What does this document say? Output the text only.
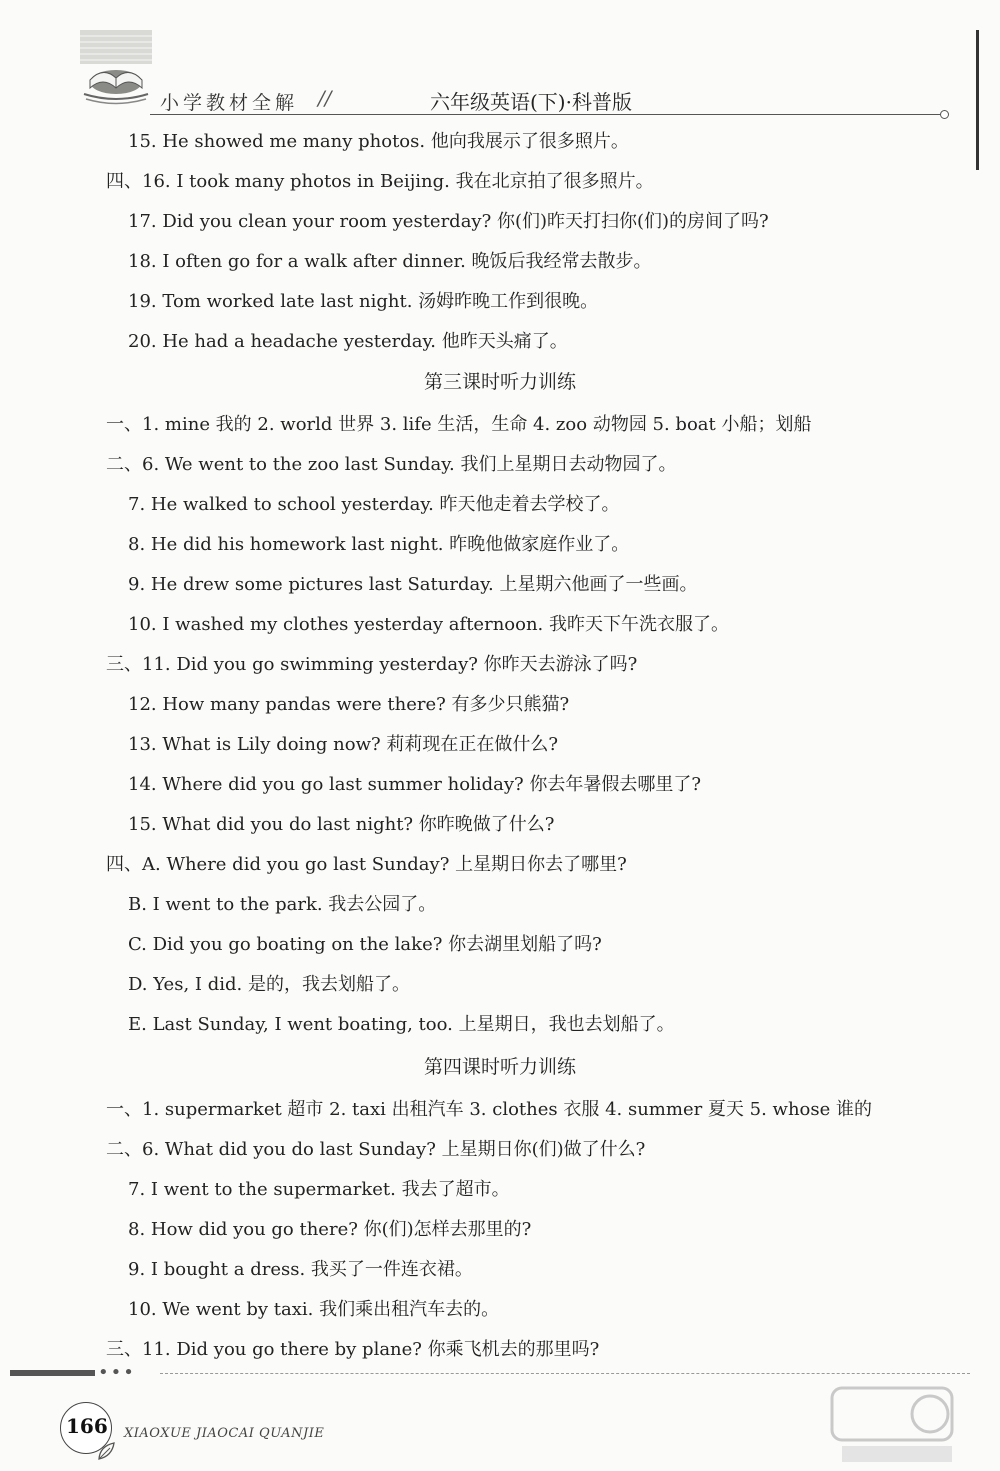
小学教材全解 //	六年级英语(下)·科普版
15. He showed me many photos. 他向我展示了很多照片。
四、16. I took many photos in Beijing. 我在北京拍了很多照片。
17. Did you clean your room yesterday? 你(们)昨天打扫你(们)的房间了吗?
18. I often go for a walk after dinner. 晚饭后我经常去散步。
19. Tom worked late last night. 汤姆昨晚工作到很晚。
20. He had a headache yesterday. 他昨天头痛了。
第三课时听力训练
一、1. mine 我的 2. world 世界 3. life 生活，生命 4. zoo 动物园 5. boat 小船；划船
二、6. We went to the zoo last Sunday. 我们上星期日去动物园了。
7. He walked to school yesterday. 昨天他走着去学校了。
8. He did his homework last night. 昨晚他做家庭作业了。
9. He drew some pictures last Saturday. 上星期六他画了一些画。
10. I washed my clothes yesterday afternoon. 我昨天下午洗衣服了。
三、11. Did you go swimming yesterday? 你昨天去游泳了吗?
12. How many pandas were there? 有多少只熊猫?
13. What is Lily doing now? 莉莉现在正在做什么?
14. Where did you go last summer holiday? 你去年暑假去哪里了?
15. What did you do last night? 你昨晚做了什么?
四、A. Where did you go last Sunday? 上星期日你去了哪里?
B. I went to the park. 我去公园了。
C. Did you go boating on the lake? 你去湖里划船了吗?
D. Yes, I did. 是的，我去划船了。
E. Last Sunday, I went boating, too. 上星期日，我也去划船了。
第四课时听力训练
一、1. supermarket 超市 2. taxi 出租汽车 3. clothes 衣服 4. summer 夏天 5. whose 谁的
二、6. What did you do last Sunday? 上星期日你(们)做了什么?
7. I went to the supermarket. 我去了超市。
8. How did you go there? 你(们)怎样去那里的?
9. I bought a dress. 我买了一件连衣裙。
10. We went by taxi. 我们乘出租汽车去的。
三、11. Did you go there by plane? 你乘飞机去的那里吗?
•••
166 XIAOXUE JIAOCAI QUANJIE
